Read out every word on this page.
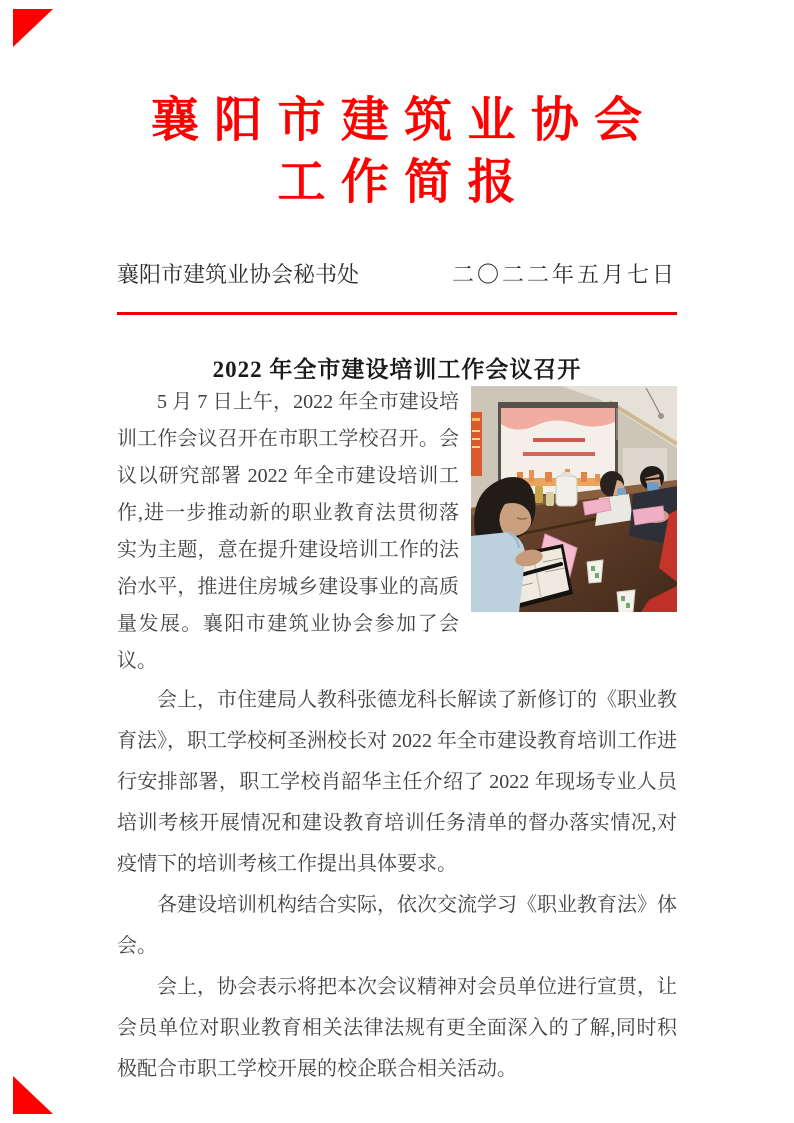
襄 阳 市 建 筑 业 协 会
工 作 简 报
襄阳市建筑业协会秘书处	二〇二二年五月七日
2022 年全市建设培训工作会议召开

5 月 7 日上午，2022 年全市建设培训工作会议召开在市职工学校召开。会议以研究部署 2022 年全市建设培训工作,进一步推动新的职业教育法贯彻落实为主题，意在提升建设培训工作的法治水平，推进住房城乡建设事业的高质量发展。襄阳市建筑业协会参加了会议。

会上，市住建局人教科张德龙科长解读了新修订的《职业教育法》，职工学校柯圣洲校长对 2022 年全市建设教育培训工作进行安排部署，职工学校肖韶华主任介绍了 2022 年现场专业人员培训考核开展情况和建设教育培训任务清单的督办落实情况,对疫情下的培训考核工作提出具体要求。

各建设培训机构结合实际，依次交流学习《职业教育法》体会。

会上，协会表示将把本次会议精神对会员单位进行宣贯，让会员单位对职业教育相关法律法规有更全面深入的了解,同时积极配合市职工学校开展的校企联合相关活动。
